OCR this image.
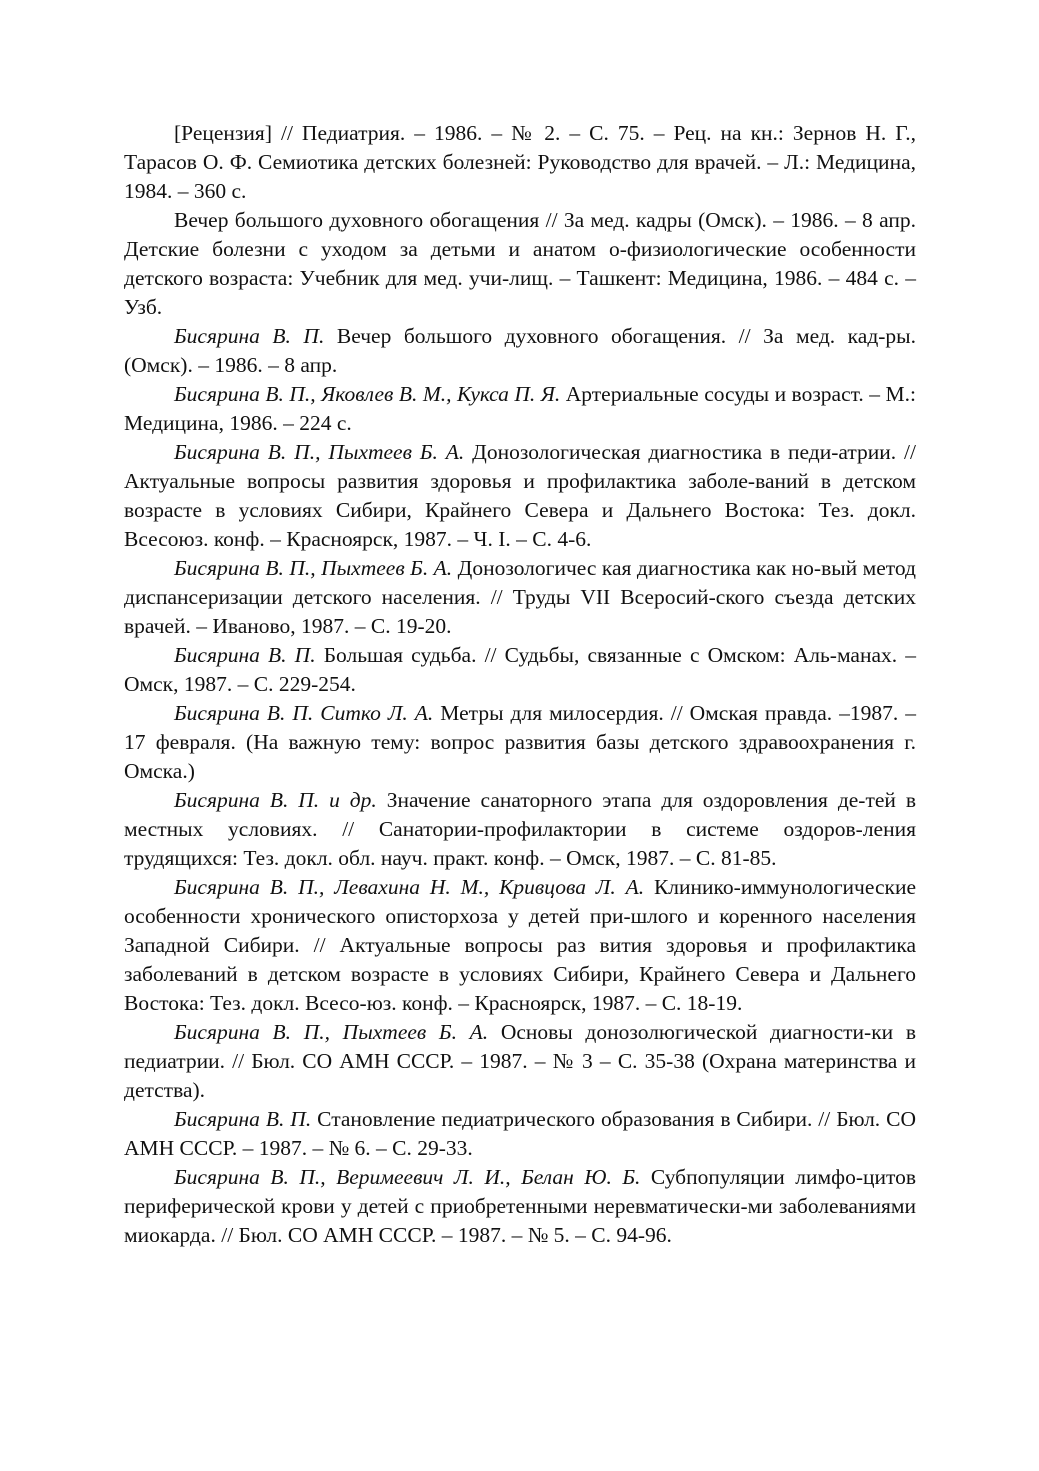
[Рецензия] // Педиатрия. – 1986. – № 2. – С. 75. – Рец. на кн.: Зернов Н. Г., Тарасов О. Ф. Семиотика детских болезней: Руководство для врачей. – Л.: Медицина, 1984. – 360 с.

Вечер большого духовного обогащения // За мед. кадры (Омск). – 1986. – 8 апр. Детские болезни с уходом за детьми и анатом о-физиологические особенности детского возраста: Учебник для мед. учи-лищ. – Ташкент: Медицина, 1986. – 484 с. – Узб.

Бисярина В. П. Вечер большого духовного обогащения. // За мед. кад-ры. (Омск). – 1986. – 8 апр.

Бисярина В. П., Яковлев В. М., Кукса П. Я. Артериальные сосуды и возраст. – М.: Медицина, 1986. – 224 с.

Бисярина В. П., Пыхтеев Б. А. Донозологическая диагностика в педи-атрии. // Актуальные вопросы развития здоровья и профилактика заболе-ваний в детском возрасте в условиях Сибири, Крайнего Севера и Дальнего Востока: Тез. докл. Всесоюз. конф. – Красноярск, 1987. – Ч. I. – С. 4-6.

Бисярина В. П., Пыхтеев Б. А. Донозологичес кая диагностика как но-вый метод диспансеризации детского населения. // Труды VII Всеросий-ского съезда детских врачей. – Иваново, 1987. – С. 19-20.

Бисярина В. П. Большая судьба. // Судьбы, связанные с Омском: Аль-манах. – Омск, 1987. – С. 229-254.

Бисярина В. П. Ситко Л. А. Метры для милосердия. // Омская правда. –1987. – 17 февраля. (На важную тему: вопрос развития базы детского здравоохранения г. Омска.)

Бисярина В. П. и др. Значение санаторного этапа для оздоровления де-тей в местных условиях. // Санатории-профилактории в системе оздоров-ления трудящихся: Тез. докл. обл. науч. практ. конф. – Омск, 1987. – С. 81-85.

Бисярина В. П., Левахина Н. М., Кривцова Л. А. Клинико-иммунологические особенности хронического описторхоза у детей при-шлого и коренного населения Западной Сибири. // Актуальные вопросы раз вития здоровья и профилактика заболеваний в детском возрасте в условиях Сибири, Крайнего Севера и Дальнего Востока: Тез. докл. Всесо-юз. конф. – Красноярск, 1987. – С. 18-19.

Бисярина В. П., Пыхтеев Б. А. Основы донозолюгической диагности-ки в педиатрии. // Бюл. СО АМН СССР. – 1987. – № 3 – С. 35-38 (Охрана материнства и детства).

Бисярина В. П. Становление педиатрического образования в Сибири. // Бюл. СО АМН СССР. – 1987. – № 6. – С. 29-33.

Бисярина В. П., Веримеевич Л. И., Белан Ю. Б. Субпопуляции лимфо-цитов периферической крови у детей с приобретенными неревматически-ми заболеваниями миокарда. // Бюл. СО АМН СССР. – 1987. – № 5. – С. 94-96.
